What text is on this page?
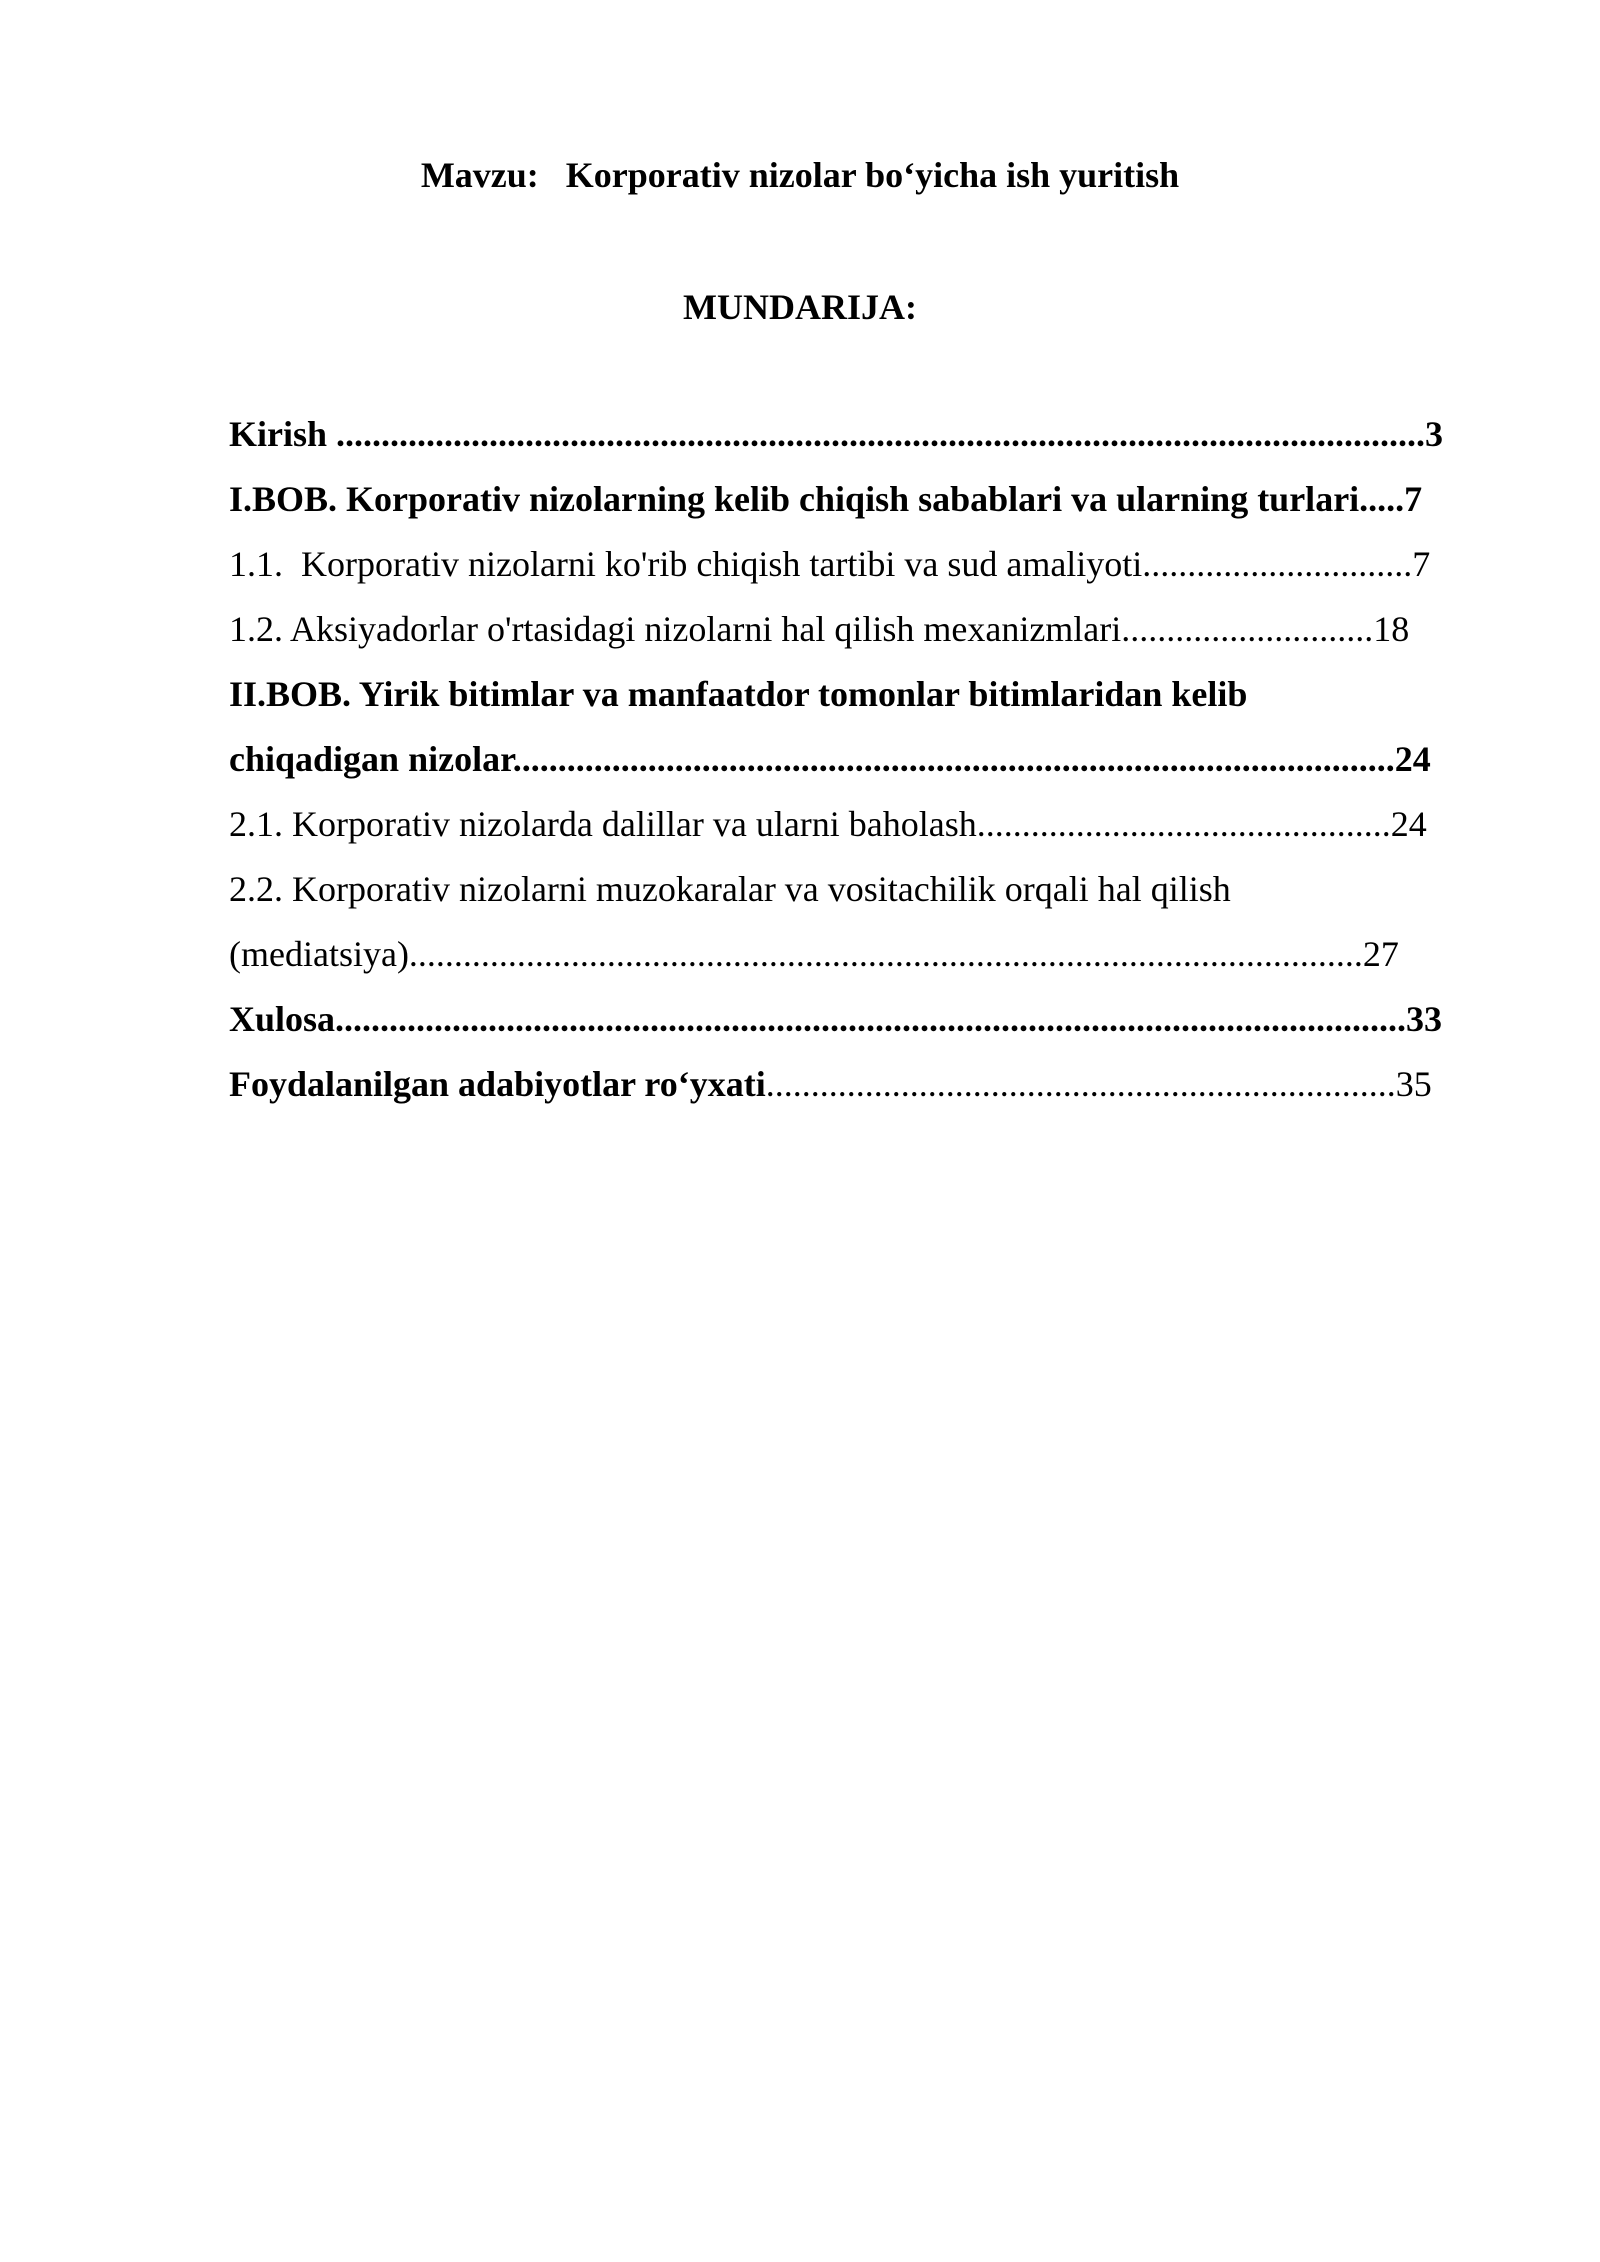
Mavzu:   Korporativ nizolar bo‘yicha ish yuritish
MUNDARIJA:
Kirish .........................................................................................................................3
I.BOB. Korporativ nizolarning kelib chiqish sabablari va ularning turlari.....7
1.1.  Korporativ nizolarni ko'rib chiqish tartibi va sud amaliyoti..............................7
1.2. Aksiyadorlar o'rtasidagi nizolarni hal qilish mexanizmlari............................18
II.BOB. Yirik bitimlar va manfaatdor tomonlar bitimlaridan kelib
chiqadigan nizolar..................................................................................................24
2.1. Korporativ nizolarda dalillar va ularni baholash..............................................24
2.2. Korporativ nizolarni muzokaralar va vositachilik orqali hal qilish
(mediatsiya)..........................................................................................................27
Xulosa.......................................................................................................................33
Foydalanilgan adabiyotlar ro‘yxati......................................................................35
